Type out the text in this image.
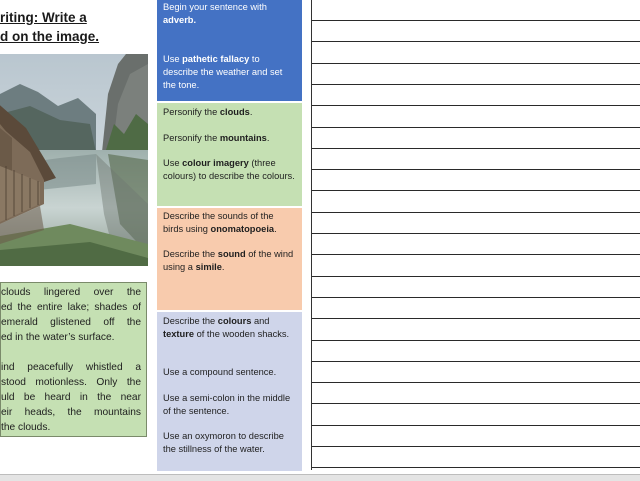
riting: Write a
d on the image.
clouds lingered over the
ed the entire lake; shades of
emerald glistened off the
ed in the water’s surface.
ind peacefully whistled a
stood motionless. Only the
uld be heard in the near
eir heads, the mountains
the clouds.

Begin your sentence with
adverb.

Use pathetic fallacy to describe the weather and set the tone.

Personify the clouds.

Personify the mountains.

Use colour imagery (three colours) to describe the colours.

Describe the sounds of the birds using onomatopoeia.

Describe the sound of the wind using a simile.

Describe the colours and texture of the wooden shacks.

Use a compound sentence.

Use a semi-colon in the middle of the sentence.

Use an oxymoron to describe the stillness of the water.
